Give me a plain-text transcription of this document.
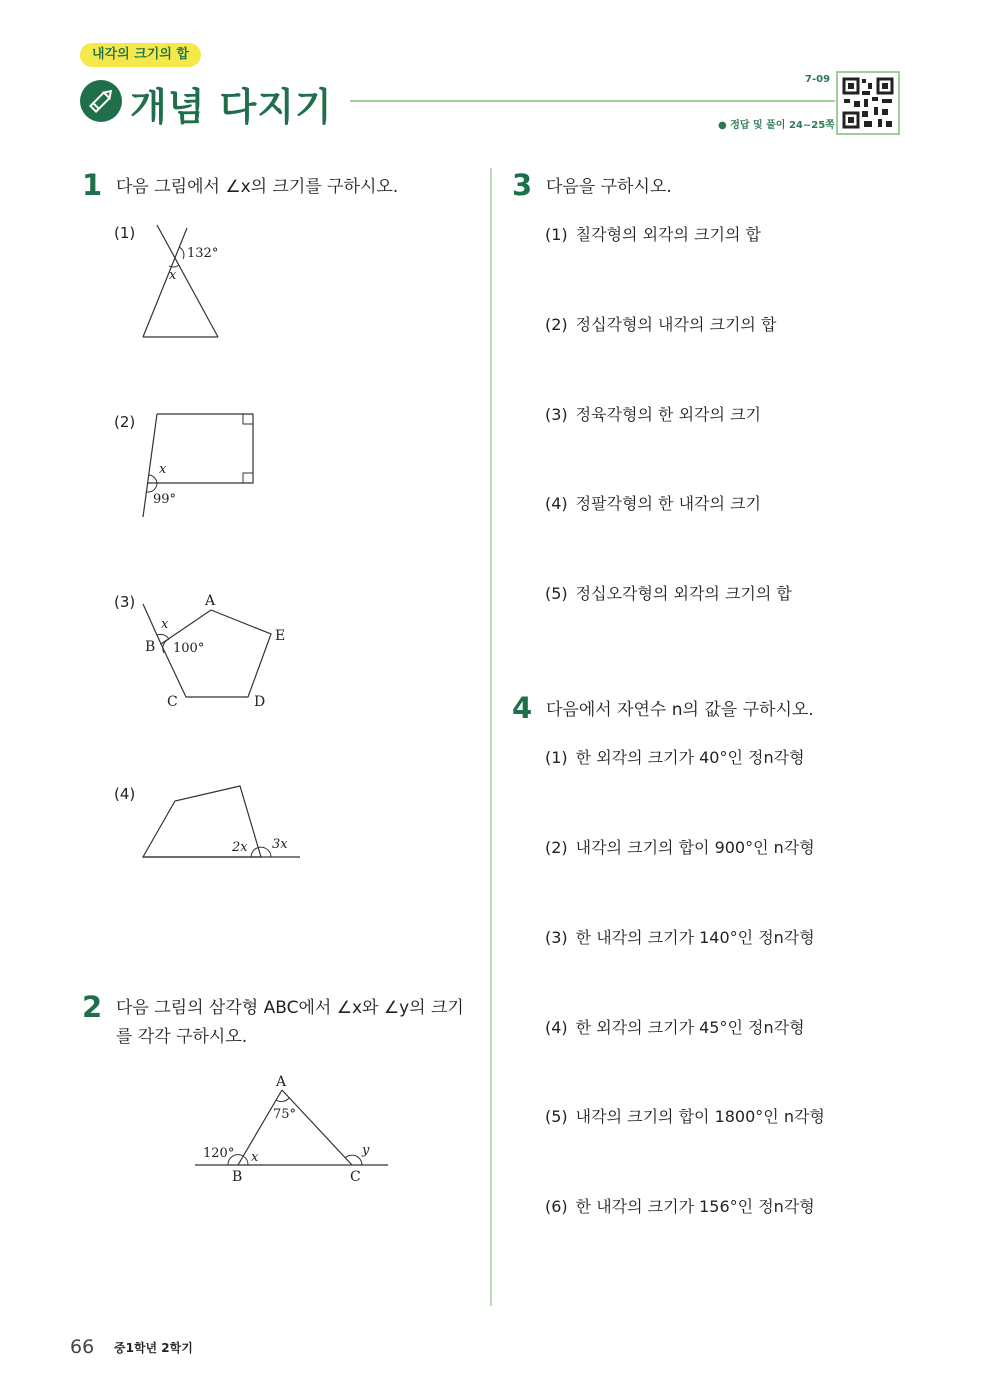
내각의 크기의 합
개념 다지기
7-09
● 정답 및 풀이 24~25쪽
1 다음 그림에서 ∠x의 크기를 구하시오.
(1)
132°
x
(2)
x
99°
(3)	A
B
C	D
E
x
100°
(4)
2x 3x
2 다음 그림의 삼각형 ABC에서 ∠x와 ∠y의 크기
를 각각 구하시오.
A
B	C
75°
120° x	y
3 다음을 구하시오.
(1) 칠각형의 외각의 크기의 합
(2) 정십각형의 내각의 크기의 합
(3) 정육각형의 한 외각의 크기
(4) 정팔각형의 한 내각의 크기
(5) 정십오각형의 외각의 크기의 합
4 다음에서 자연수 n의 값을 구하시오.
(1) 한 외각의 크기가 40°인 정n각형
(2) 내각의 크기의 합이 900°인 n각형
(3) 한 내각의 크기가 140°인 정n각형
(4) 한 외각의 크기가 45°인 정n각형
(5) 내각의 크기의 합이 1800°인 n각형
(6) 한 내각의 크기가 156°인 정n각형
66 중1학년 2학기
